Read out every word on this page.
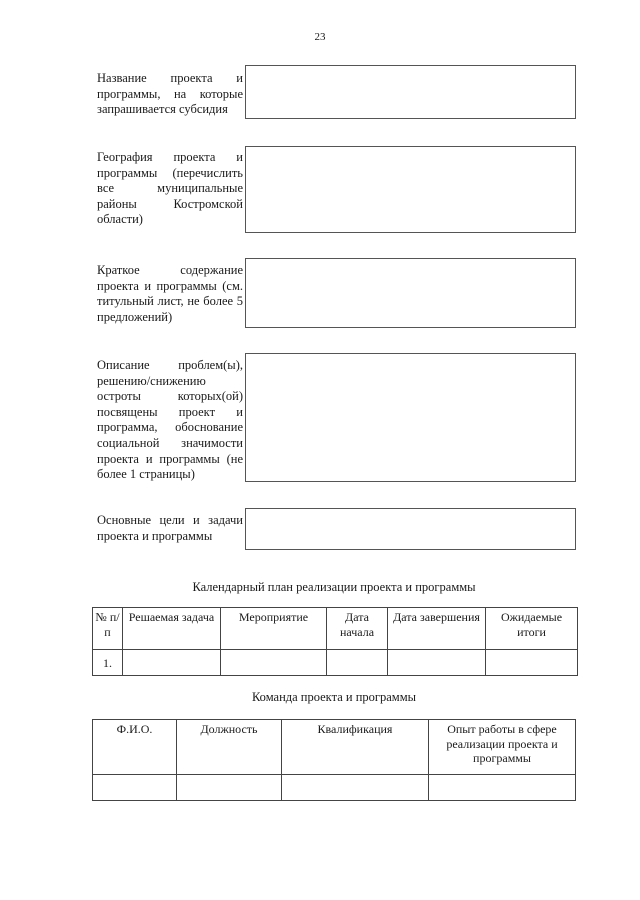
23
Название проекта и программы, на которые запрашивается субсидия
География проекта и программы (перечислить все муниципальные районы Костромской области)
Краткое содержание проекта и программы (см. титульный лист, не более 5 предложений)
Описание проблем(ы), решению/снижению остроты которых(ой) посвящены проект и программа, обоснование социальной значимости проекта и программы (не более 1 страницы)
Основные цели и задачи проекта и программы
Календарный план реализации проекта и программы
№ п/п	Решаемая задача	Мероприятие	Дата начала	Дата завершения	Ожидаемые итоги
1.					
Команда проекта и программы
Ф.И.О.	Должность	Квалификация	Опыт работы в сфере реализации проекта и программы
